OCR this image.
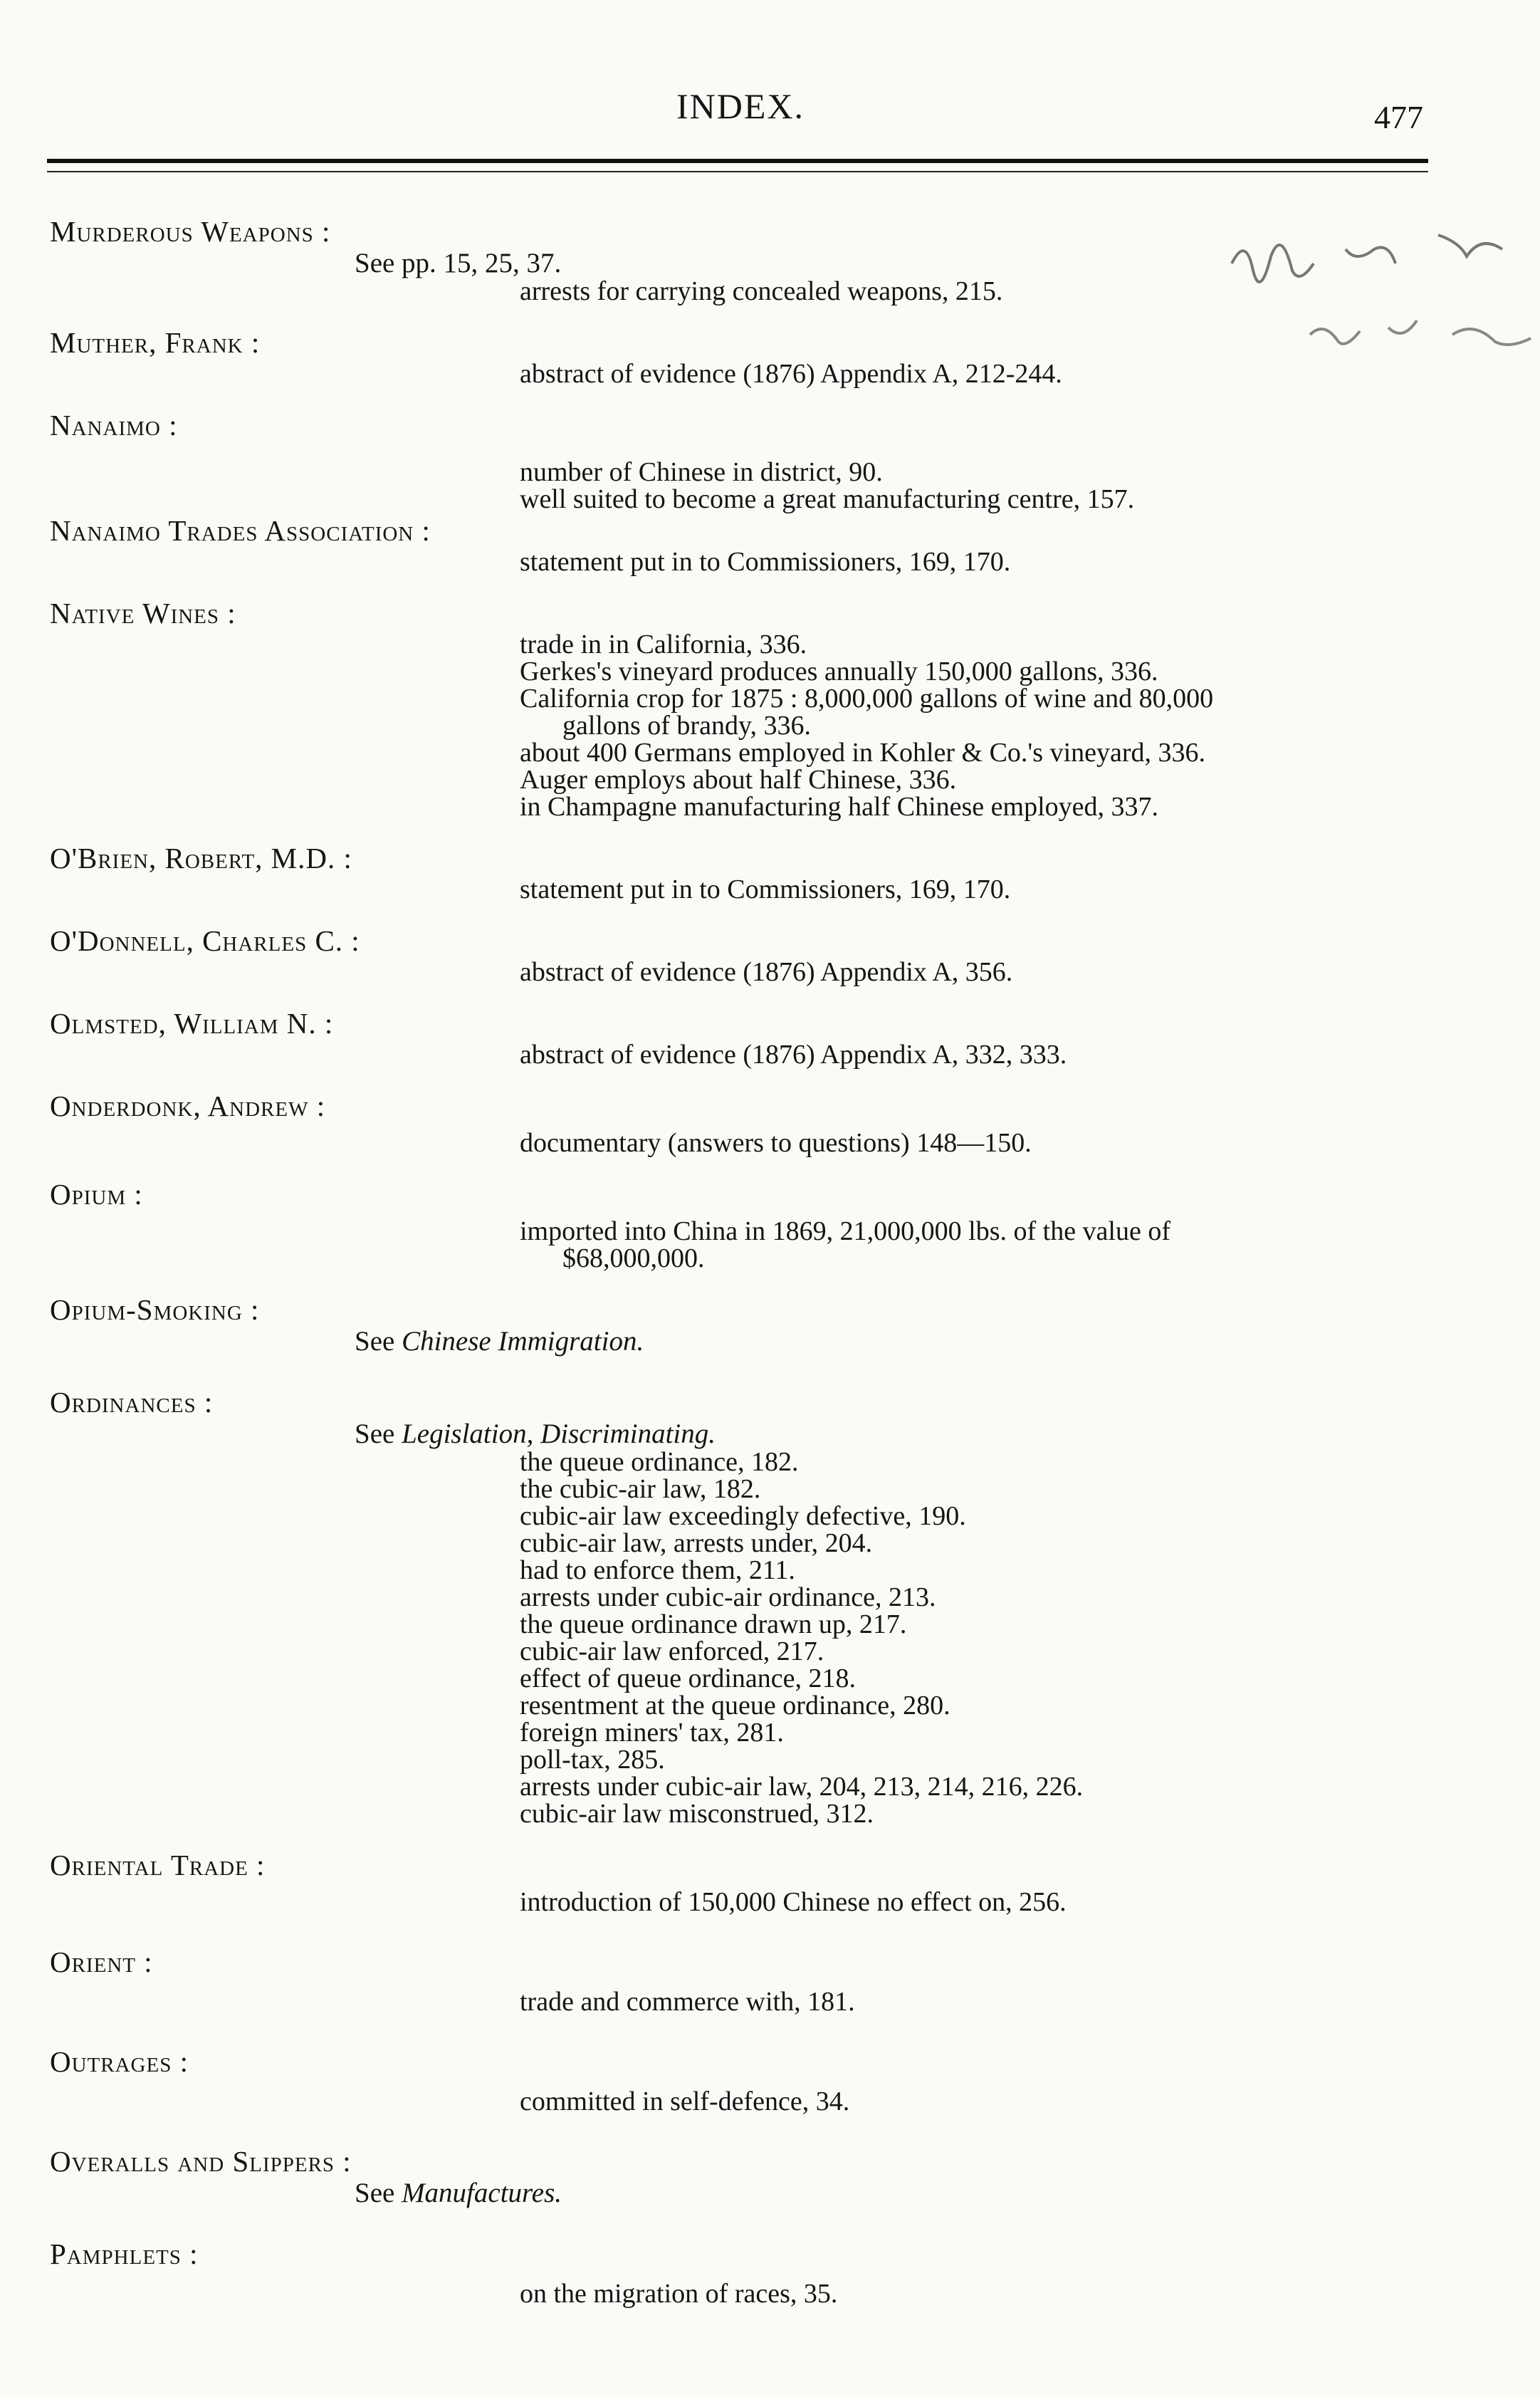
INDEX.	477
Murderous Weapons :
See pp. 15, 25, 37.
arrests for carrying concealed weapons, 215.
Muther, Frank :
abstract of evidence (1876) Appendix A, 212-244.
Nanaimo :
number of Chinese in district, 90.
well suited to become a great manufacturing centre, 157.
Nanaimo Trades Association :
statement put in to Commissioners, 169, 170.
Native Wines :
trade in in California, 336.
Gerkes's vineyard produces annually 150,000 gallons, 336.
California crop for 1875 : 8,000,000 gallons of wine and 80,000
gallons of brandy, 336.
about 400 Germans employed in Kohler & Co.'s vineyard, 336.
Auger employs about half Chinese, 336.
in Champagne manufacturing half Chinese employed, 337.
O'Brien, Robert, M.D. :
statement put in to Commissioners, 169, 170.
O'Donnell, Charles C. :
abstract of evidence (1876) Appendix A, 356.
Olmsted, William N. :
abstract of evidence (1876) Appendix A, 332, 333.
Onderdonk, Andrew :
documentary (answers to questions) 148—150.
Opium :
imported into China in 1869, 21,000,000 lbs. of the value of
$68,000,000.
Opium-Smoking :
See Chinese Immigration.
Ordinances :
See Legislation, Discriminating.
the queue ordinance, 182.
the cubic-air law, 182.
cubic-air law exceedingly defective, 190.
cubic-air law, arrests under, 204.
had to enforce them, 211.
arrests under cubic-air ordinance, 213.
the queue ordinance drawn up, 217.
cubic-air law enforced, 217.
effect of queue ordinance, 218.
resentment at the queue ordinance, 280.
foreign miners' tax, 281.
poll-tax, 285.
arrests under cubic-air law, 204, 213, 214, 216, 226.
cubic-air law misconstrued, 312.
Oriental Trade :
introduction of 150,000 Chinese no effect on, 256.
Orient :
trade and commerce with, 181.
Outrages :
committed in self-defence, 34.
Overalls and Slippers :
See Manufactures.
Pamphlets :
on the migration of races, 35.
